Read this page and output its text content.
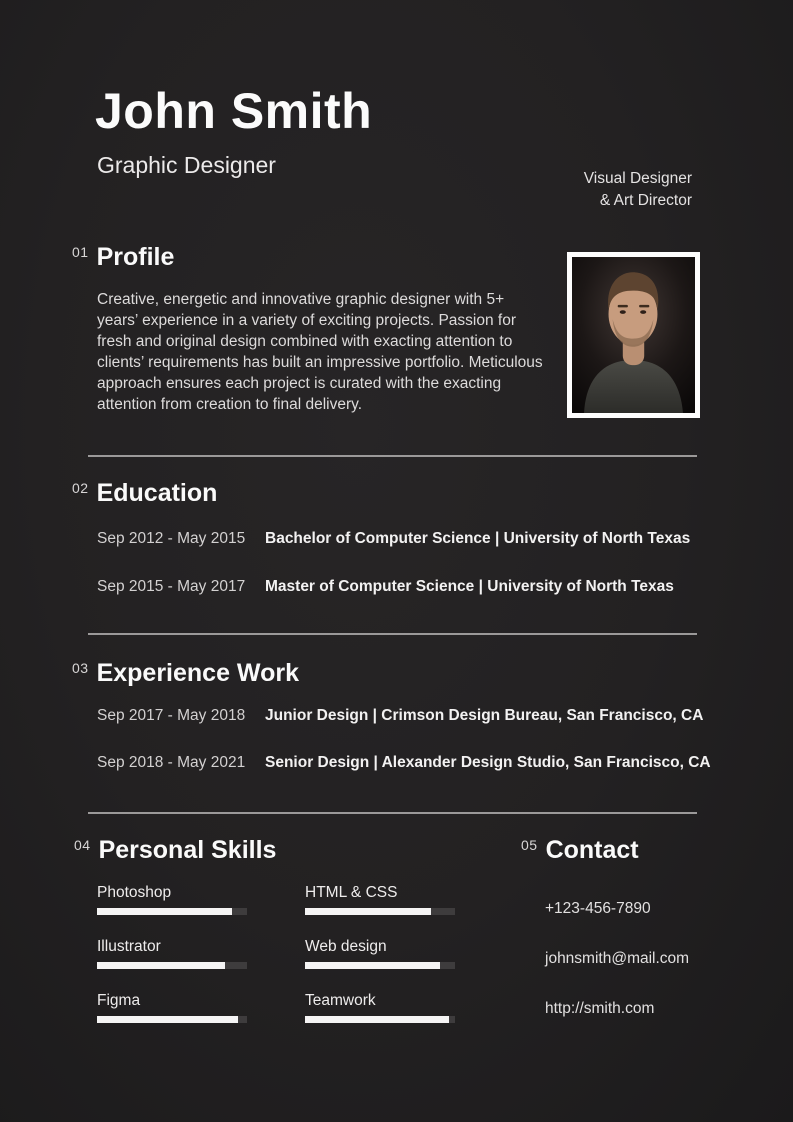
John Smith
Graphic Designer
Visual Designer
& Art Director
01 Profile
Creative, energetic and innovative graphic designer with 5+ years’ experience in a variety of exciting projects. Passion for fresh and original design combined with exacting attention to clients’ requirements has built an impressive portfolio. Meticulous approach ensures each project is curated with the exacting attention from creation to final delivery.
02 Education
Sep 2012 - May 2015	Bachelor of Computer Science | University of North Texas
Sep 2015 - May 2017	Master of Computer Science | University of North Texas
03 Experience Work
Sep 2017 - May 2018	Junior Design | Crimson Design Bureau, San Francisco, CA
Sep 2018 - May 2021	Senior Design | Alexander Design Studio, San Francisco, CA
04 Personal Skills
Photoshop
Illustrator
Figma
HTML & CSS
Web design
Teamwork
05 Contact
+123-456-7890
johnsmith@mail.com
http://smith.com
